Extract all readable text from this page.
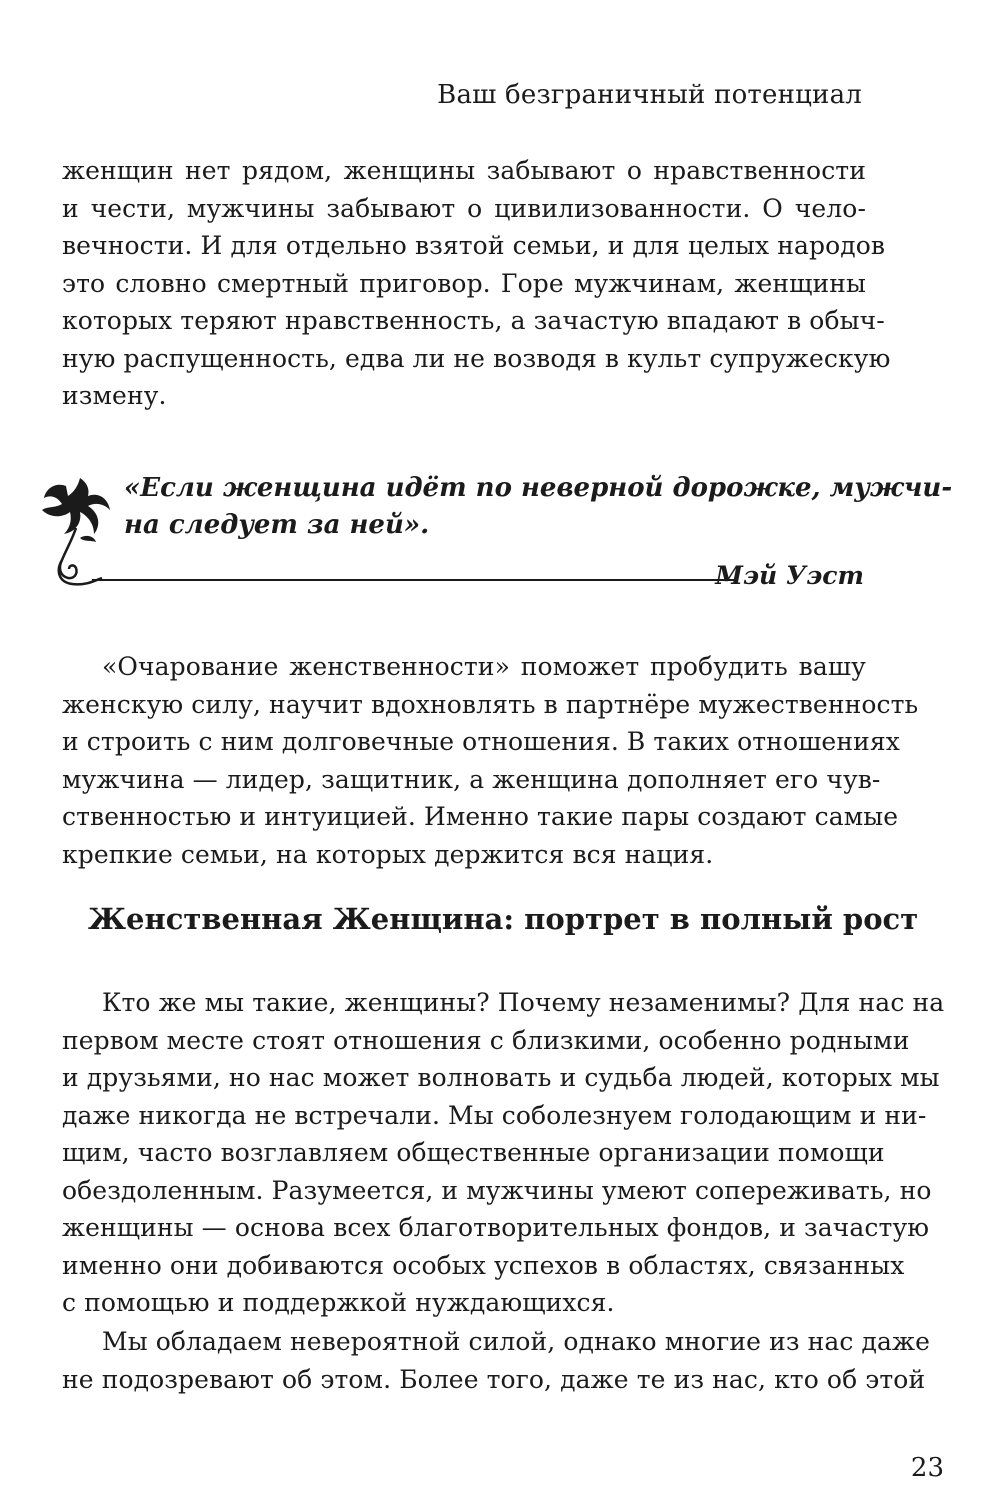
Ваш безграничный потенциал
женщин нет рядом, женщины забывают о нравственности
и чести, мужчины забывают о цивилизованности. О чело-
вечности. И для отдельно взятой семьи, и для целых народов
это словно смертный приговор. Горе мужчинам, женщины
которых теряют нравственность, а зачастую впадают в обыч-
ную распущенность, едва ли не возводя в культ супружескую
измену.
«Если женщина идёт по неверной дорожке, мужчи-
на следует за ней».
Мэй Уэст
«Очарование женственности» поможет пробудить вашу
женскую силу, научит вдохновлять в партнёре мужественность
и строить с ним долговечные отношения. В таких отношениях
мужчина — лидер, защитник, а женщина дополняет его чув-
ственностью и интуицией. Именно такие пары создают самые
крепкие семьи, на которых держится вся нация.
Женственная Женщина: портрет в полный рост
Кто же мы такие, женщины? Почему незаменимы? Для нас на
первом месте стоят отношения с близкими, особенно родными
и друзьями, но нас может волновать и судьба людей, которых мы
даже никогда не встречали. Мы соболезнуем голодающим и ни-
щим, часто возглавляем общественные организации помощи
обездоленным. Разумеется, и мужчины умеют сопереживать, но
женщины — основа всех благотворительных фондов, и зачастую
именно они добиваются особых успехов в областях, связанных
с помощью и поддержкой нуждающихся.
Мы обладаем невероятной силой, однако многие из нас даже
не подозревают об этом. Более того, даже те из нас, кто об этой
23
